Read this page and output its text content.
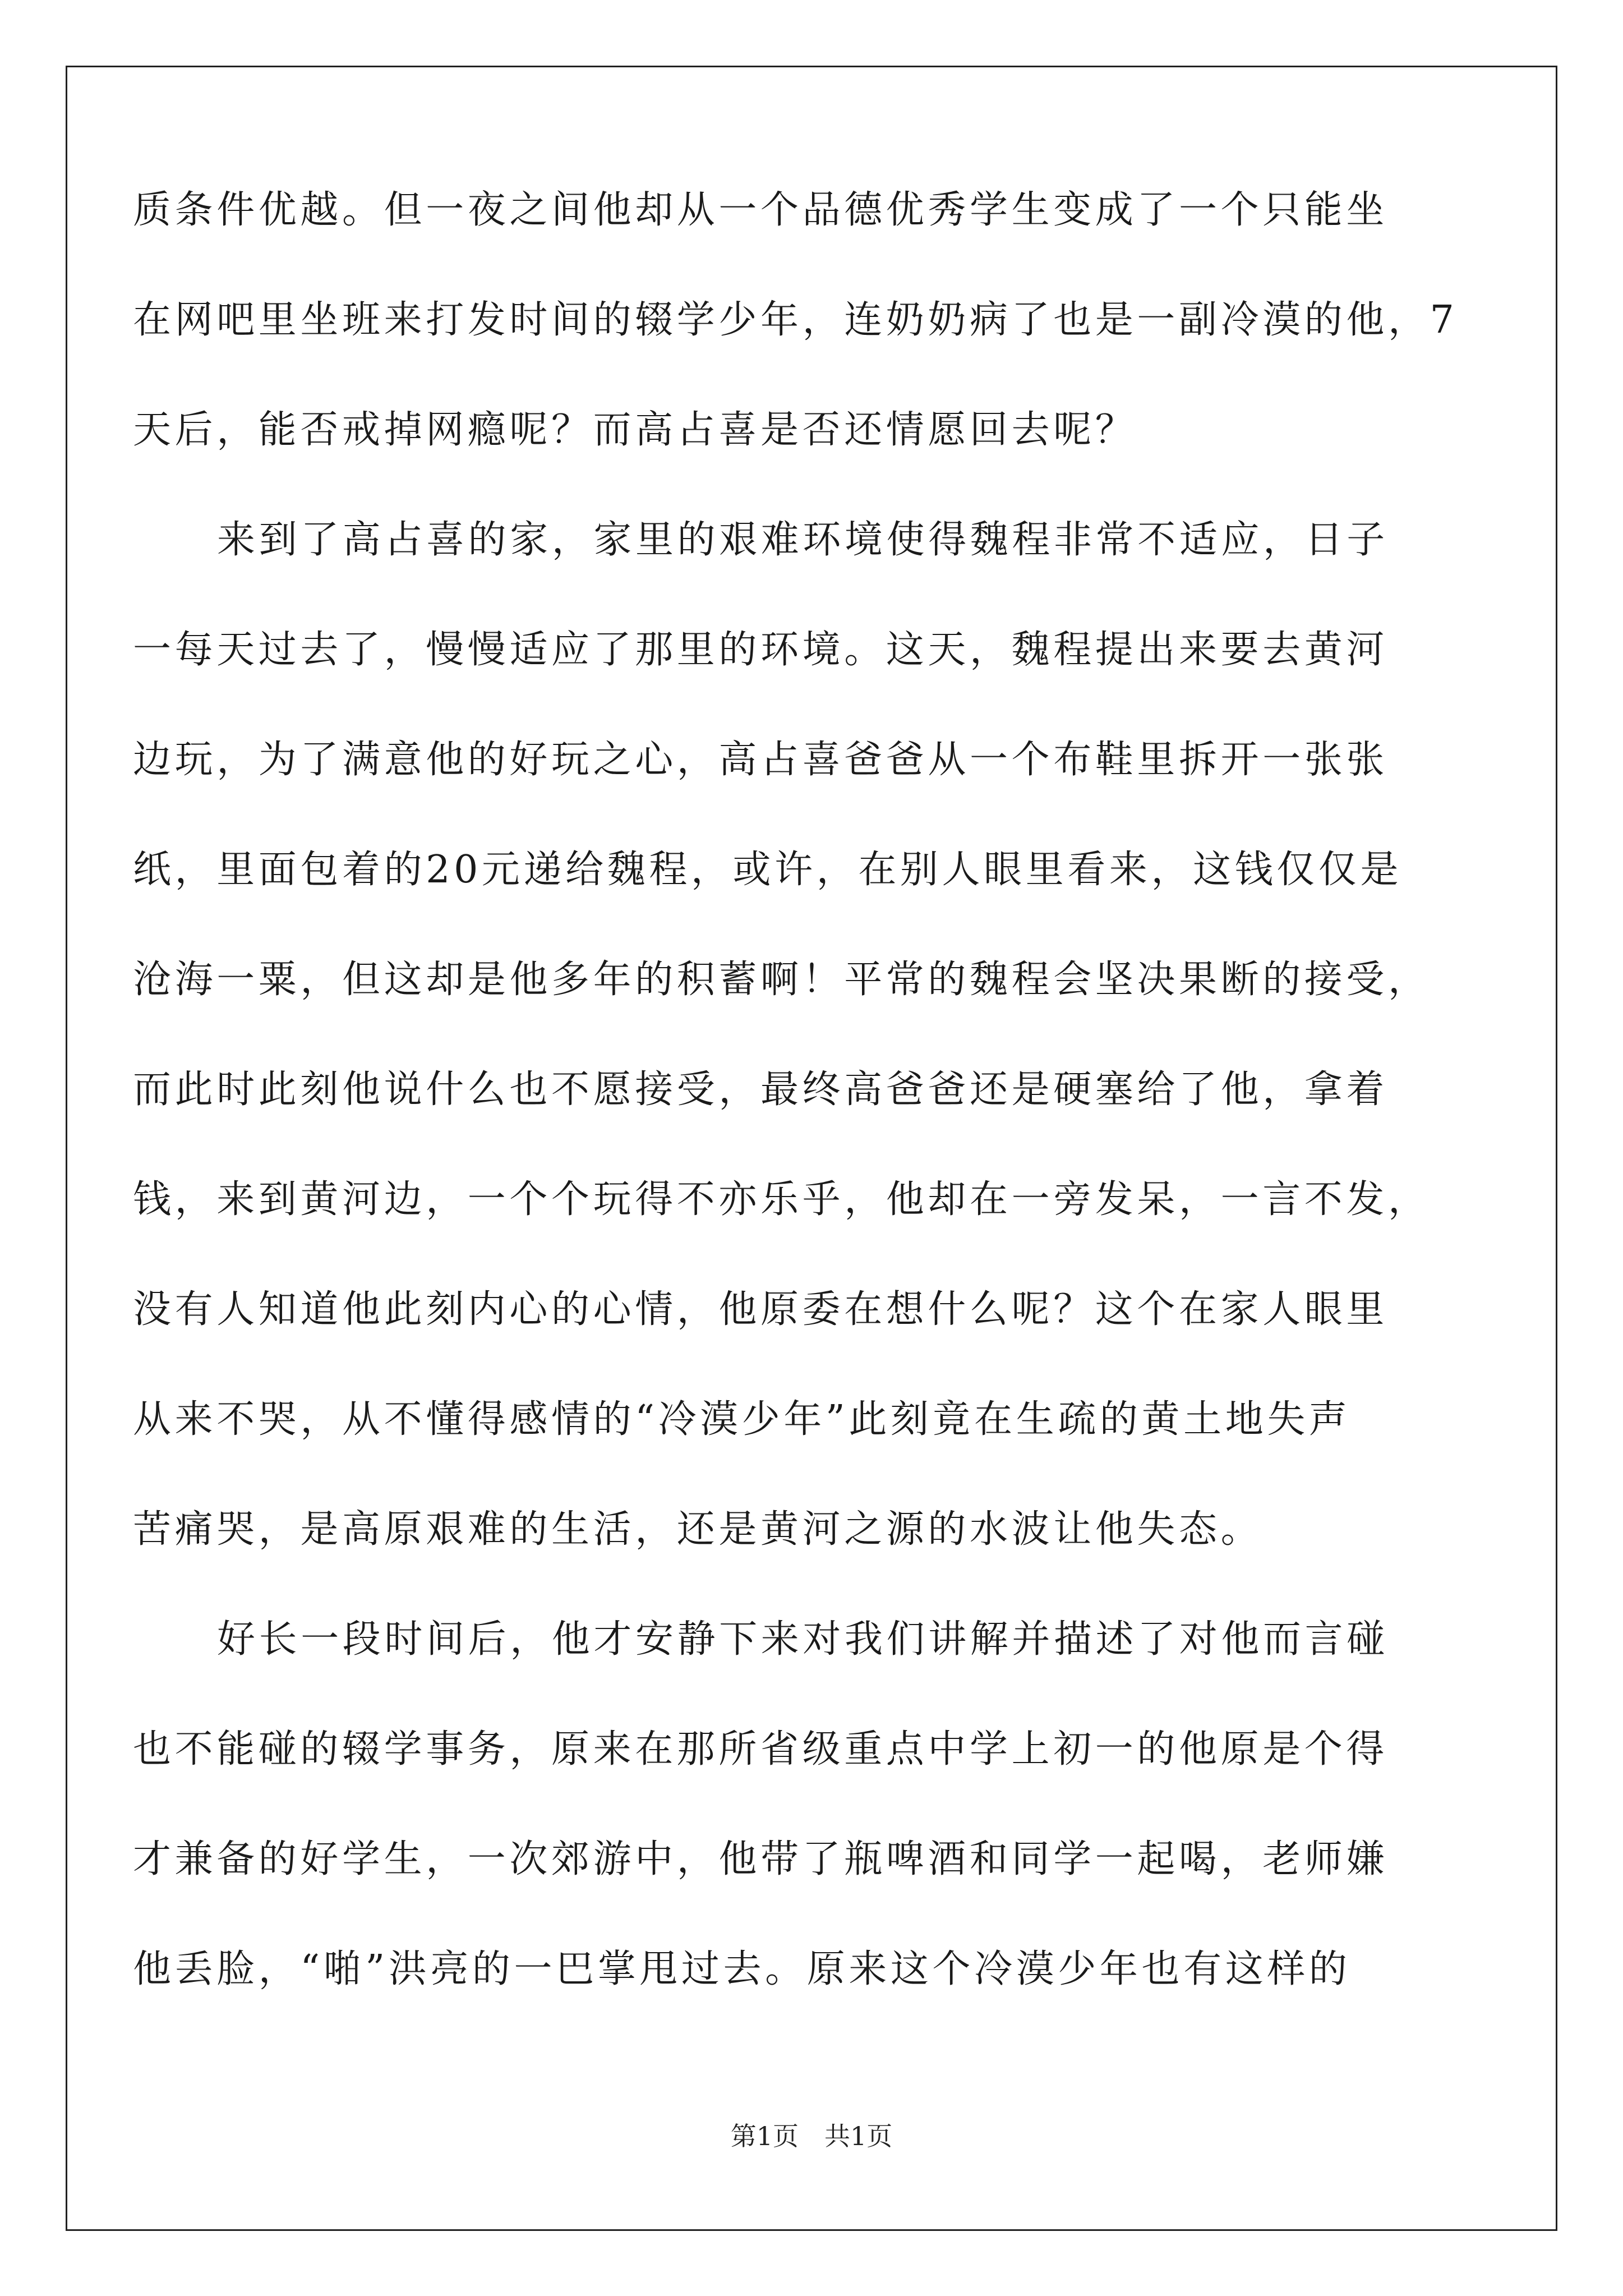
质条件优越。但一夜之间他却从一个品德优秀学生变成了一个只能坐
在网吧里坐班来打发时间的辍学少年，连奶奶病了也是一副冷漠的他，7
天后，能否戒掉网瘾呢？而高占喜是否还情愿回去呢？
来到了高占喜的家，家里的艰难环境使得魏程非常不适应，日子
一每天过去了，慢慢适应了那里的环境。这天，魏程提出来要去黄河
边玩，为了满意他的好玩之心，高占喜爸爸从一个布鞋里拆开一张张
纸，里面包着的20元递给魏程，或许，在别人眼里看来，这钱仅仅是
沧海一粟，但这却是他多年的积蓄啊！平常的魏程会坚决果断的接受，
而此时此刻他说什么也不愿接受，最终高爸爸还是硬塞给了他，拿着
钱，来到黄河边，一个个玩得不亦乐乎，他却在一旁发呆，一言不发，
没有人知道他此刻内心的心情，他原委在想什么呢？这个在家人眼里
从来不哭，从不懂得感情的“冷漠少年”此刻竟在生疏的黄土地失声
苦痛哭，是高原艰难的生活，还是黄河之源的水波让他失态。
好长一段时间后，他才安静下来对我们讲解并描述了对他而言碰
也不能碰的辍学事务，原来在那所省级重点中学上初一的他原是个得
才兼备的好学生，一次郊游中，他带了瓶啤酒和同学一起喝，老师嫌
他丢脸，“啪”洪亮的一巴掌甩过去。原来这个冷漠少年也有这样的
第1页　共1页
